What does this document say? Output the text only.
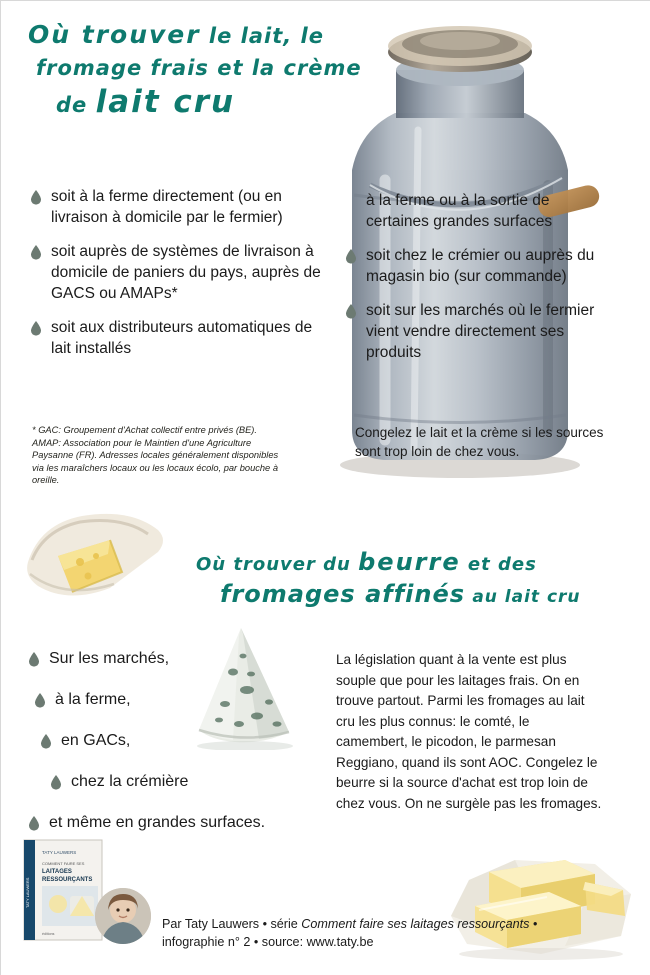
Où trouver le lait, le
fromage frais et la crème
de lait cru
soit à la ferme directement (ou en livraison à domicile par le fermier)
soit auprès de systèmes de livraison à domicile de paniers du pays, auprès de GACS ou AMAPs*
soit aux distributeurs automatiques de lait installés
à la ferme ou à la sortie de certaines grandes surfaces
soit chez le crémier ou auprès du magasin bio (sur commande)
soit sur les marchés où le fermier vient vendre directement ses produits
* GAC: Groupement d'Achat collectif entre privés (BE). AMAP: Association pour le Maintien d'une Agriculture Paysanne (FR). Adresses locales généralement disponibles via les maraîchers locaux ou les locaux écolo, par bouche à oreille.
Congelez le lait et la crème si les sources sont trop loin de chez vous.
Où trouver du beurre et des
fromages affinés au lait cru
Sur les marchés,
à la ferme,
en GACs,
chez la crémière
et même en grandes surfaces.
La législation quant à la vente est plus souple que pour les laitages frais. On en trouve partout. Parmi les fromages au lait cru les plus connus: le comté, le camembert, le picodon, le parmesan Reggiano, quand ils sont AOC. Congelez le beurre si la source d'achat est trop loin de chez vous. On ne surgèle pas les fromages.
TATY LAUWERS
COMMENT FAIRE SES
LAITAGES
RESSOURÇANTS
éditions
TATY LAUWERS
Par Taty Lauwers • série Comment faire ses laitages ressourçants • infographie n° 2 • source: www.taty.be
